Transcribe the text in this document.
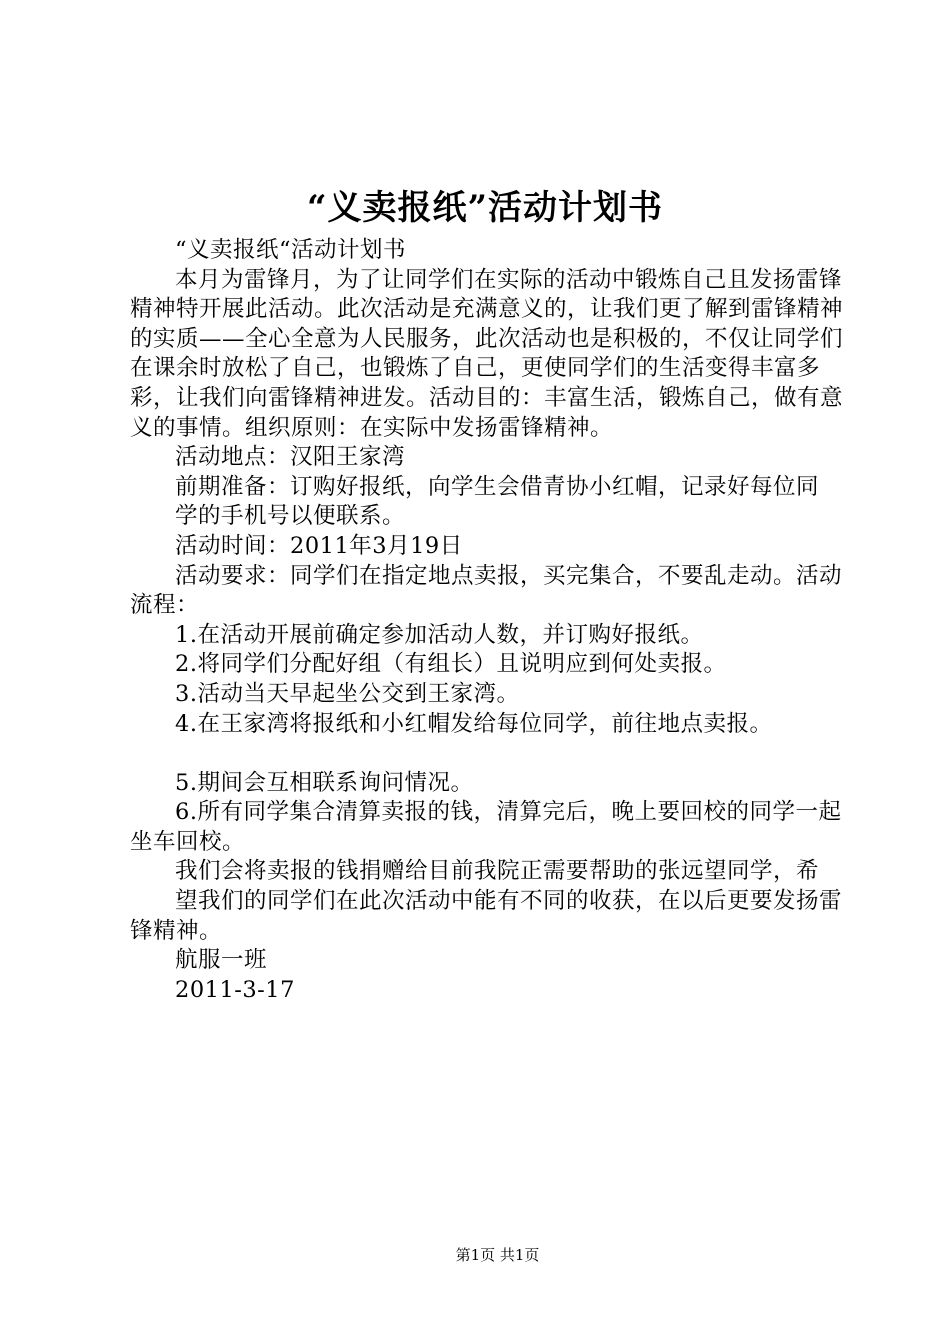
“义卖报纸”活动计划书

“义卖报纸“活动计划书

本月为雷锋月，为了让同学们在实际的活动中锻炼自己且发扬雷锋精神特开展此活动。此次活动是充满意义的，让我们更了解到雷锋精神的实质——全心全意为人民服务，此次活动也是积极的，不仅让同学们在课余时放松了自己，也锻炼了自己，更使同学们的生活变得丰富多彩，让我们向雷锋精神进发。活动目的：丰富生活，锻炼自己，做有意义的事情。组织原则：在实际中发扬雷锋精神。

活动地点：汉阳王家湾

前期准备：订购好报纸，向学生会借青协小红帽，记录好每位同

学的手机号以便联系。

活动时间：2011年3月19日

活动要求：同学们在指定地点卖报，买完集合，不要乱走动。活动流程：

1.在活动开展前确定参加活动人数，并订购好报纸。

2.将同学们分配好组（有组长）且说明应到何处卖报。

3.活动当天早起坐公交到王家湾。

4.在王家湾将报纸和小红帽发给每位同学，前往地点卖报。

5.期间会互相联系询问情况。

6.所有同学集合清算卖报的钱，清算完后，晚上要回校的同学一起坐车回校。

我们会将卖报的钱捐赠给目前我院正需要帮助的张远望同学，希

望我们的同学们在此次活动中能有不同的收获，在以后更要发扬雷锋精神。

航服一班

2011-3-17

第1页 共1页
